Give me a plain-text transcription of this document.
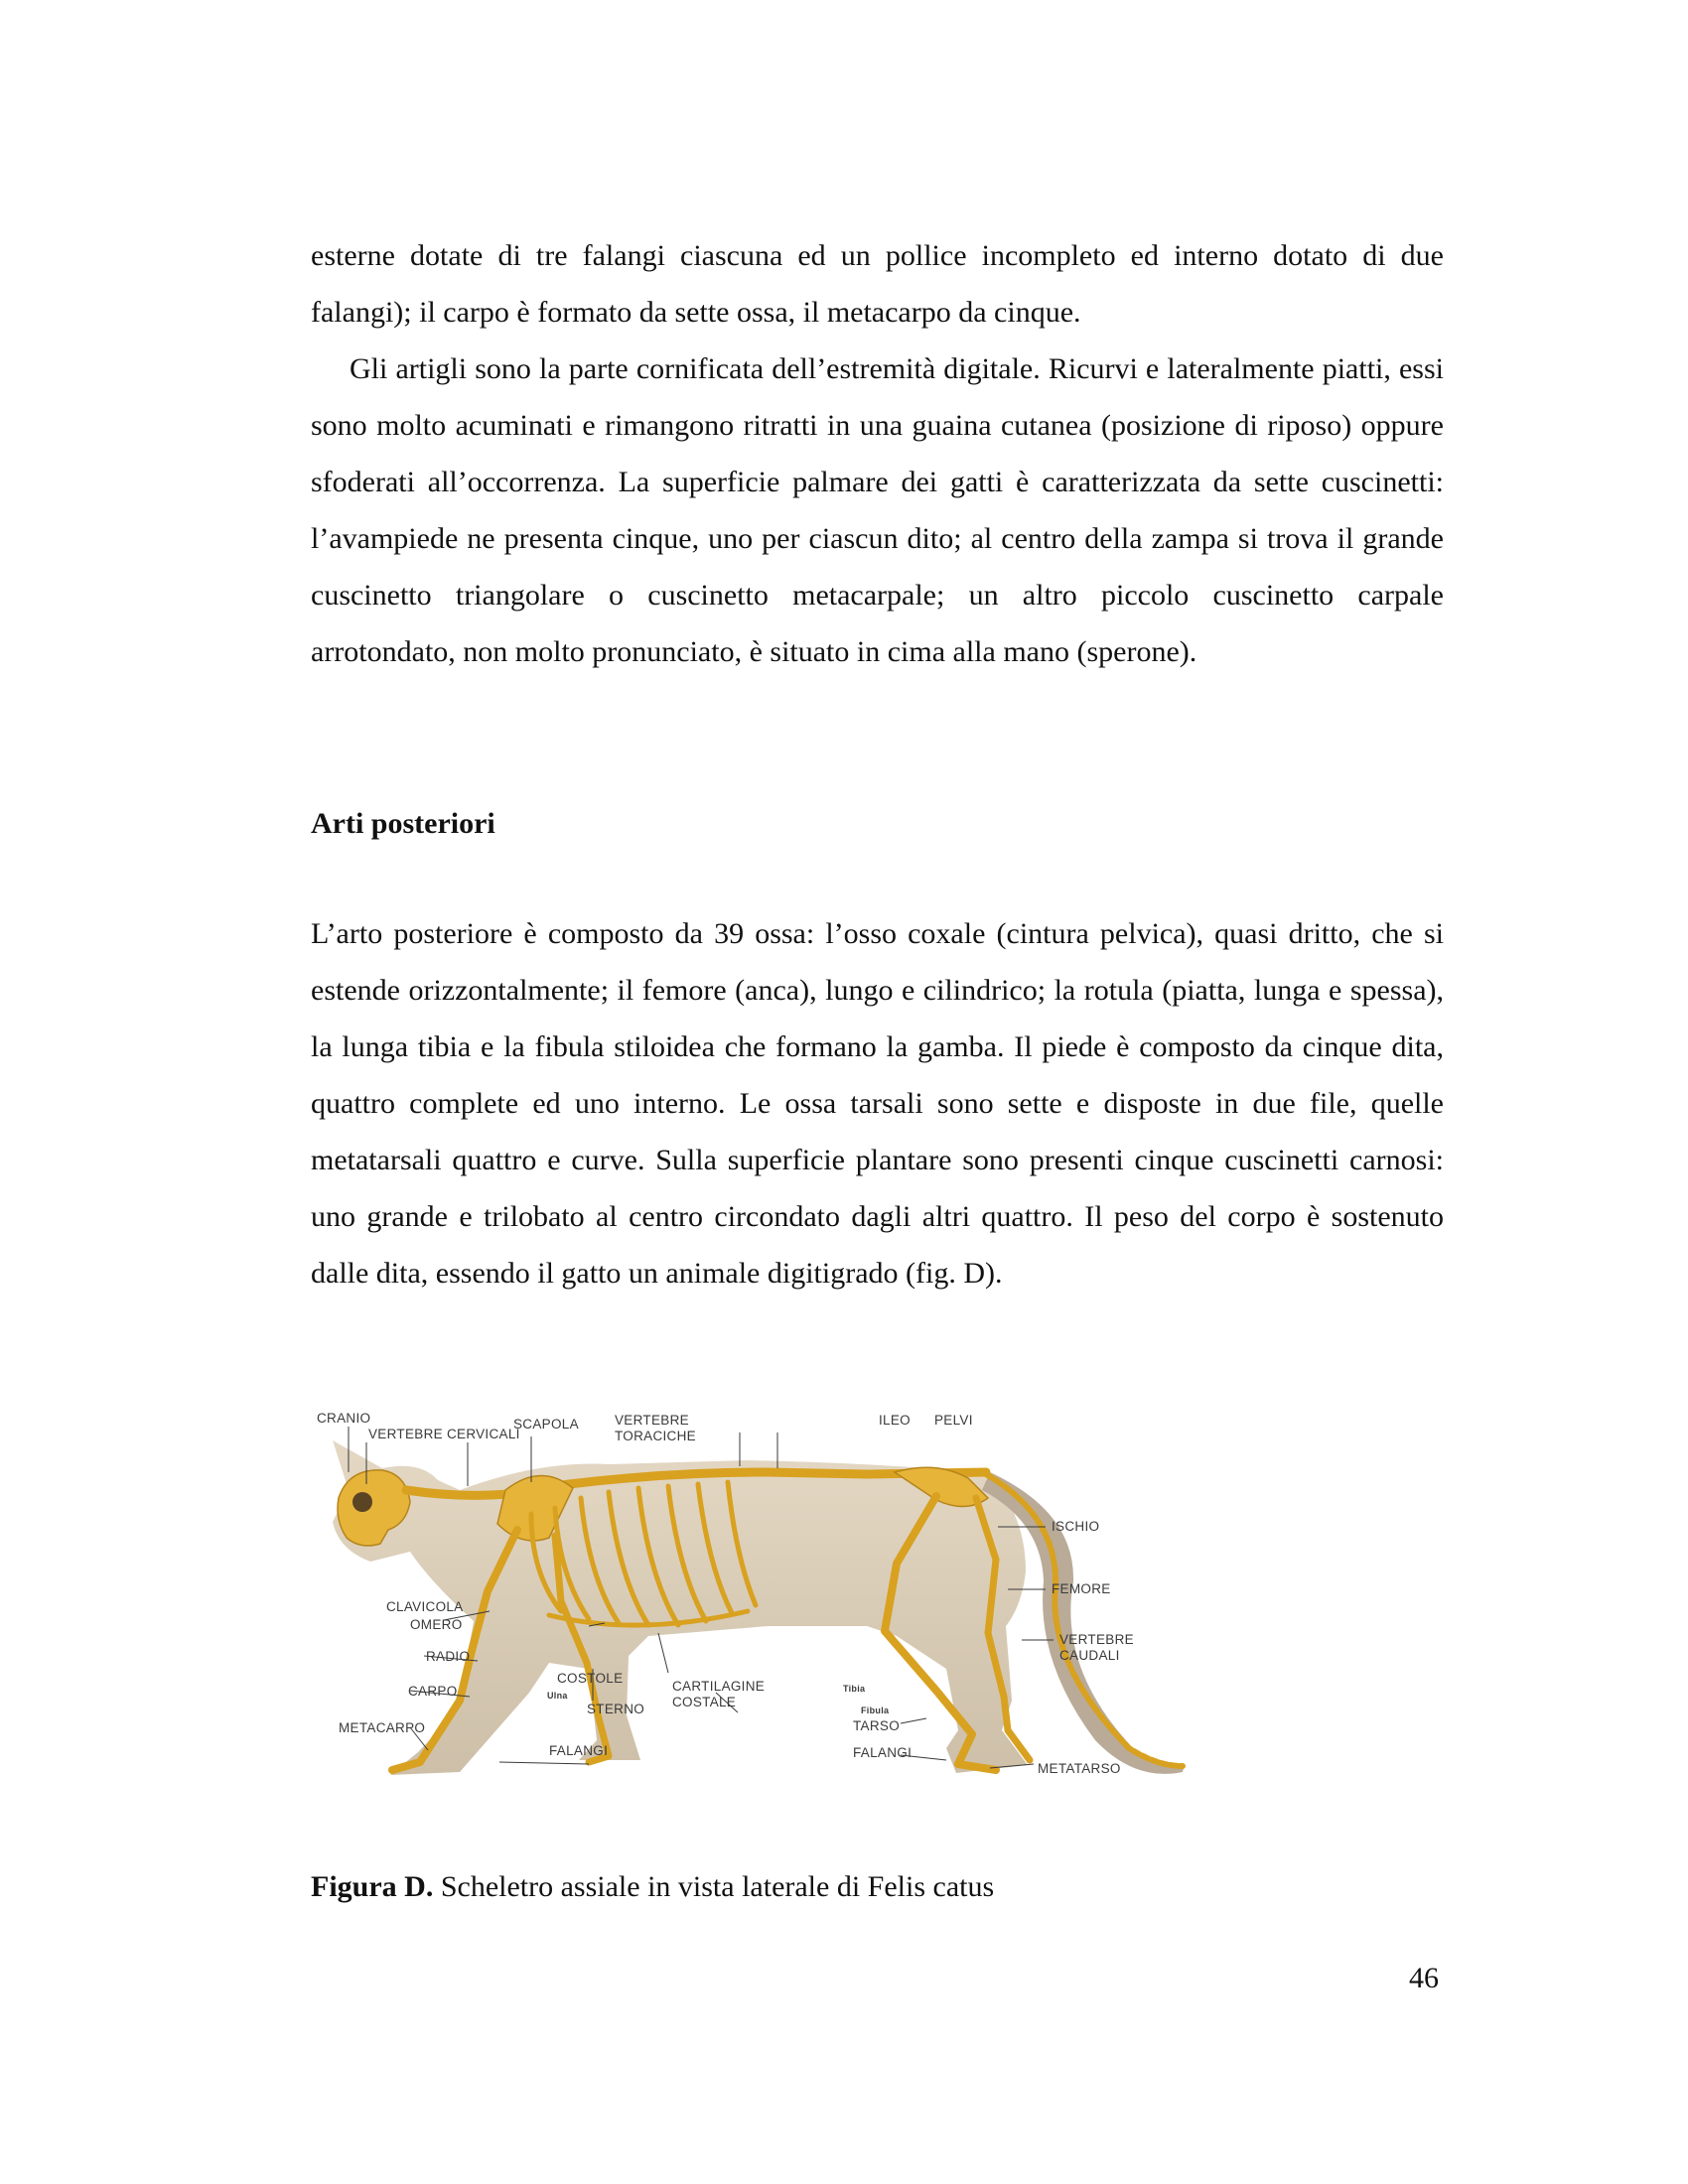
esterne dotate di tre falangi ciascuna ed un pollice incompleto ed interno dotato di due falangi); il carpo è formato da sette ossa, il metacarpo da cinque.

Gli artigli sono la parte cornificata dell’estremità digitale. Ricurvi e lateralmente piatti, essi sono molto acuminati e rimangono ritratti in una guaina cutanea (posizione di riposo) oppure sfoderati all’occorrenza. La superficie palmare dei gatti è caratterizzata da sette cuscinetti: l’avampiede ne presenta cinque, uno per ciascun dito; al centro della zampa si trova il grande cuscinetto triangolare o cuscinetto metacarpale; un altro piccolo cuscinetto carpale arrotondato, non molto pronunciato, è situato in cima alla mano (sperone).

Arti posteriori

L’arto posteriore è composto da 39 ossa: l’osso coxale (cintura pelvica), quasi dritto, che si estende orizzontalmente; il femore (anca), lungo e cilindrico; la rotula (piatta, lunga e spessa), la lunga tibia e la fibula stiloidea che formano la gamba. Il piede è composto da cinque dita, quattro complete ed uno interno. Le ossa tarsali sono sette e disposte in due file, quelle metatarsali quattro e curve. Sulla superficie plantare sono presenti cinque cuscinetti carnosi: uno grande e trilobato al centro circondato dagli altri quattro. Il peso del corpo è sostenuto dalle dita, essendo il gatto un animale digitigrado (fig. D).

CRANIO
VERTEBRE CERVICALI
SCAPOLA	VERTEBRE
TORACICHE
ILEO PELVI
ISCHIO
FEMORE
VERTEBRE
CAUDALI
CLAVICOLA
OMERO
RADIO
CARPO
METACARPO
Ulna
COSTOLE
STERNO
CARTILAGINE
COSTALE
FALANGI
Tibia
Fibula
TARSO
FALANGI
METATARSO

Figura D. Scheletro assiale in vista laterale di Felis catus

46
